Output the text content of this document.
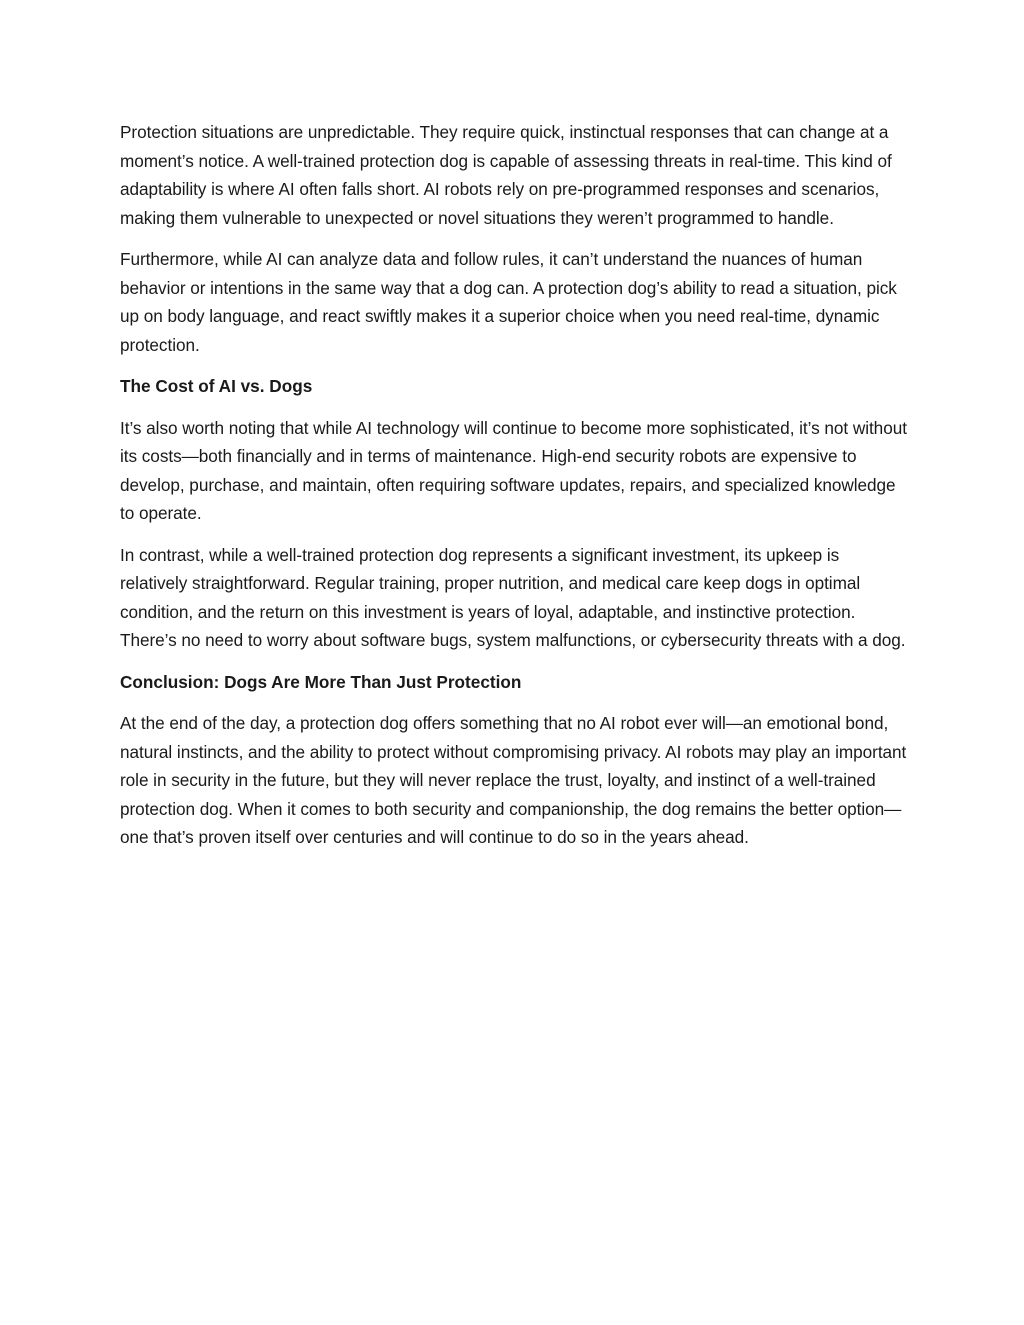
Protection situations are unpredictable. They require quick, instinctual responses that can change at a moment’s notice. A well-trained protection dog is capable of assessing threats in real-time. This kind of adaptability is where AI often falls short. AI robots rely on pre-programmed responses and scenarios, making them vulnerable to unexpected or novel situations they weren’t programmed to handle.

Furthermore, while AI can analyze data and follow rules, it can’t understand the nuances of human behavior or intentions in the same way that a dog can. A protection dog’s ability to read a situation, pick up on body language, and react swiftly makes it a superior choice when you need real-time, dynamic protection.

The Cost of AI vs. Dogs

It’s also worth noting that while AI technology will continue to become more sophisticated, it’s not without its costs—both financially and in terms of maintenance. High-end security robots are expensive to develop, purchase, and maintain, often requiring software updates, repairs, and specialized knowledge to operate.

In contrast, while a well-trained protection dog represents a significant investment, its upkeep is relatively straightforward. Regular training, proper nutrition, and medical care keep dogs in optimal condition, and the return on this investment is years of loyal, adaptable, and instinctive protection. There’s no need to worry about software bugs, system malfunctions, or cybersecurity threats with a dog.

Conclusion: Dogs Are More Than Just Protection

At the end of the day, a protection dog offers something that no AI robot ever will—an emotional bond, natural instincts, and the ability to protect without compromising privacy. AI robots may play an important role in security in the future, but they will never replace the trust, loyalty, and instinct of a well-trained protection dog. When it comes to both security and companionship, the dog remains the better option—one that’s proven itself over centuries and will continue to do so in the years ahead.
